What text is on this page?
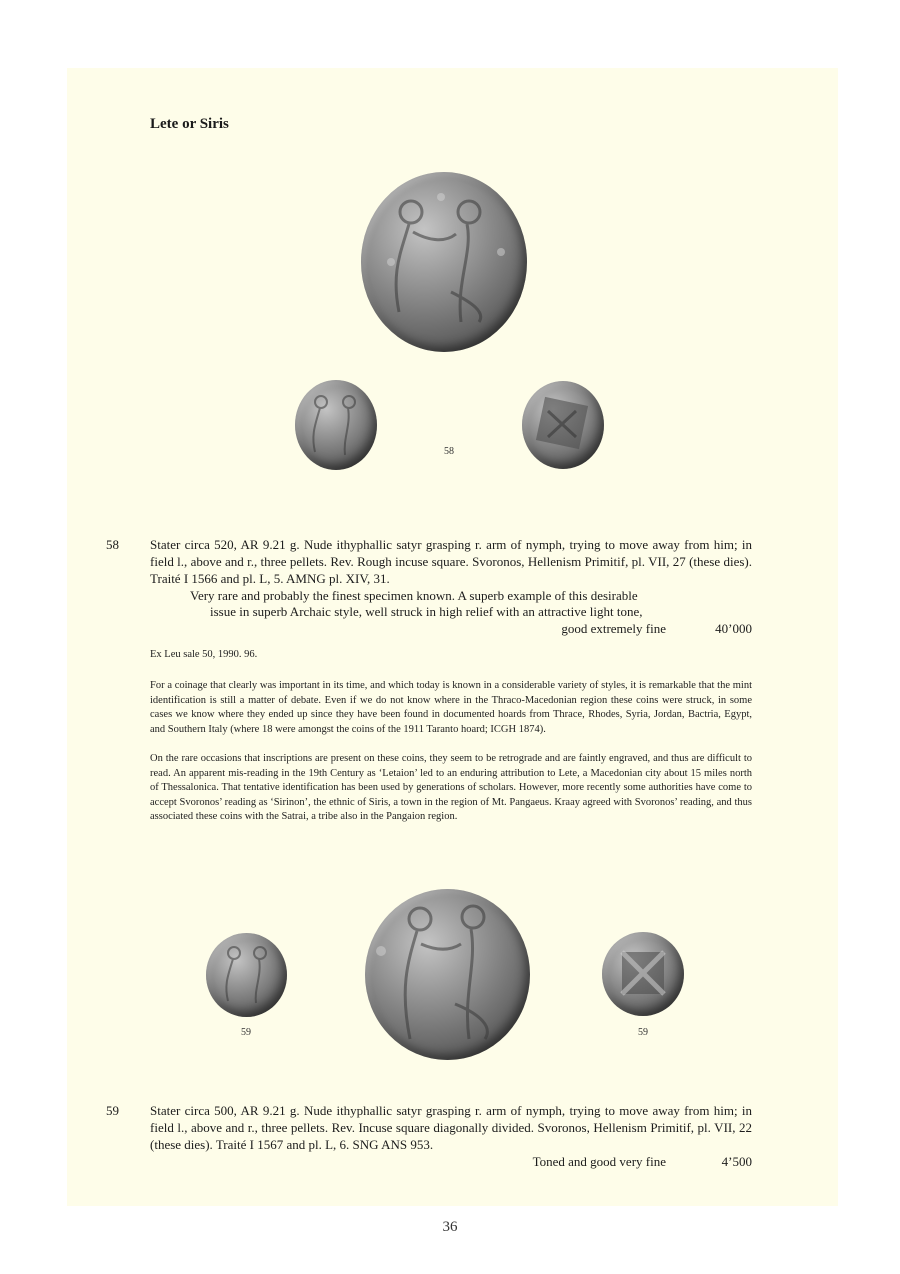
Lete or Siris
58
58 Stater circa 520, AR 9.21 g. Nude ithyphallic satyr grasping r. arm of nymph, trying to move away from him; in field l., above and r., three pellets. Rev. Rough incuse square. Svoronos, Hellenism Primitif, pl. VII, 27 (these dies). Traité I 1566 and pl. L, 5. AMNG pl. XIV, 31.
Very rare and probably the finest specimen known. A superb example of this desirable
issue in superb Archaic style, well struck in high relief with an attractive light tone,
good extremely fine	40’000
Ex Leu sale 50, 1990. 96.
For a coinage that clearly was important in its time, and which today is known in a considerable variety of styles, it is remarkable that the mint identification is still a matter of debate. Even if we do not know where in the Thraco-Macedonian region these coins were struck, in some cases we know where they ended up since they have been found in documented hoards from Thrace, Rhodes, Syria, Jordan, Bactria, Egypt, and Southern Italy (where 18 were amongst the coins of the 1911 Taranto hoard; ICGH 1874).
On the rare occasions that inscriptions are present on these coins, they seem to be retrograde and are faintly engraved, and thus are difficult to read. An apparent mis-reading in the 19th Century as ‘Letaion’ led to an enduring attribution to Lete, a Macedonian city about 15 miles north of Thessalonica. That tentative identification has been used by generations of scholars. However, more recently some authorities have come to accept Svoronos’ reading as ‘Sirinon’, the ethnic of Siris, a town in the region of Mt. Pangaeus. Kraay agreed with Svoronos’ reading, and thus associated these coins with the Satrai, a tribe also in the Pangaion region.
59	59
59 Stater circa 500, AR 9.21 g. Nude ithyphallic satyr grasping r. arm of nymph, trying to move away from him; in field l., above and r., three pellets. Rev. Incuse square diagonally divided. Svoronos, Hellenism Primitif, pl. VII, 22 (these dies). Traité I 1567 and pl. L, 6. SNG ANS 953.
Toned and good very fine	4’500
36
